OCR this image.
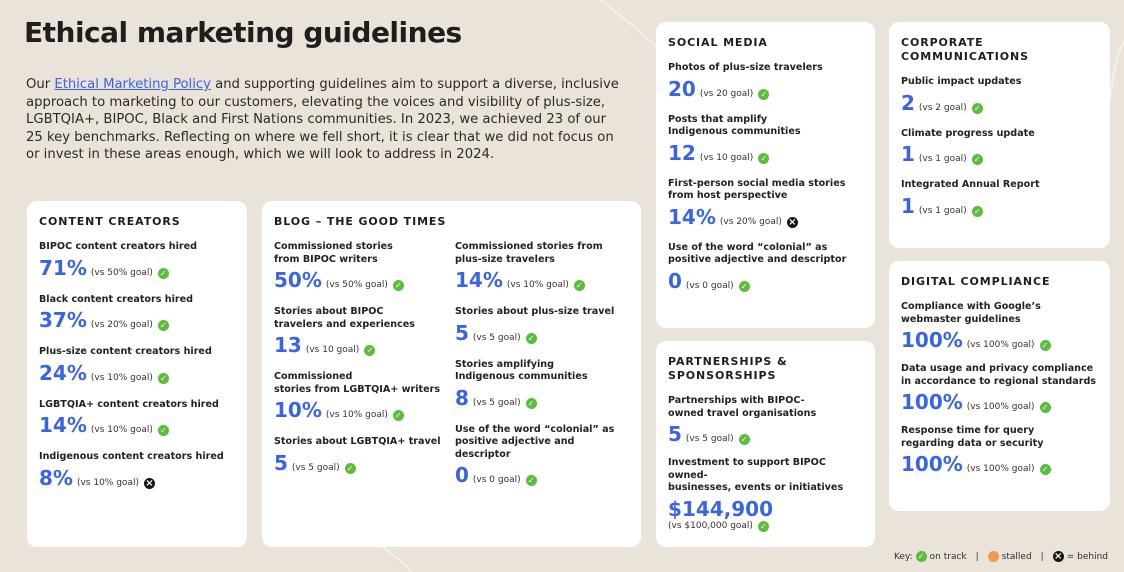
Ethical marketing guidelines

Our Ethical Marketing Policy and supporting guidelines aim to support a diverse, inclusive approach to marketing to our customers, elevating the voices and visibility of plus-size, LGBTQIA+, BIPOC, Black and First Nations communities. In 2023, we achieved 23 of our 25 key benchmarks. Reflecting on where we fell short, it is clear that we did not focus on or invest in these areas enough, which we will look to address in 2024.

CONTENT CREATORS
BIPOC content creators hired
71% (vs 50% goal)
✓
Black content creators hired
37% (vs 20% goal)
✓
Plus-size content creators hired
24% (vs 10% goal)
✓
LGBTQIA+ content creators hired
14% (vs 10% goal)
✓
Indigenous content creators hired
8% (vs 10% goal)
×
BLOG – THE GOOD TIMES
Commissioned stories
from BIPOC writers
50% (vs 50% goal)
✓
Stories about BIPOC
travelers and experiences
13 (vs 10 goal)
✓
Commissioned
stories from LGBTQIA+ writers
10% (vs 10% goal)
✓
Stories about LGBTQIA+ travel
5 (vs 5 goal)
✓
Commissioned stories from
plus-size travelers
14% (vs 10% goal)
✓
Stories about plus-size travel
5 (vs 5 goal)
✓
Stories amplifying
Indigenous communities
8 (vs 5 goal)
✓
Use of the word “colonial” as
positive adjective and descriptor
0 (vs 0 goal)
✓
SOCIAL MEDIA
Photos of plus-size travelers
20 (vs 20 goal)
✓
Posts that amplify
Indigenous communities
12 (vs 10 goal)
✓
First-person social media stories
from host perspective
14% (vs 20% goal)
×
Use of the word “colonial” as
positive adjective and descriptor
0 (vs 0 goal)
✓
PARTNERSHIPS &
SPONSORSHIPS
Partnerships with BIPOC-
owned travel organisations
5 (vs 5 goal)
✓
Investment to support BIPOC owned-
businesses, events or initiatives
$144,900
(vs $100,000 goal)
✓
CORPORATE
COMMUNICATIONS
Public impact updates
2 (vs 2 goal)
✓
Climate progress update
1 (vs 1 goal)
✓
Integrated Annual Report
1 (vs 1 goal)
✓
DIGITAL COMPLIANCE
Compliance with Google’s
webmaster guidelines
100% (vs 100% goal)
✓
Data usage and privacy compliance
in accordance to regional standards
100% (vs 100% goal)
✓
Response time for query
regarding data or security
100% (vs 100% goal)
✓
Key: ✓ on track |	stalled | ×	= behind
